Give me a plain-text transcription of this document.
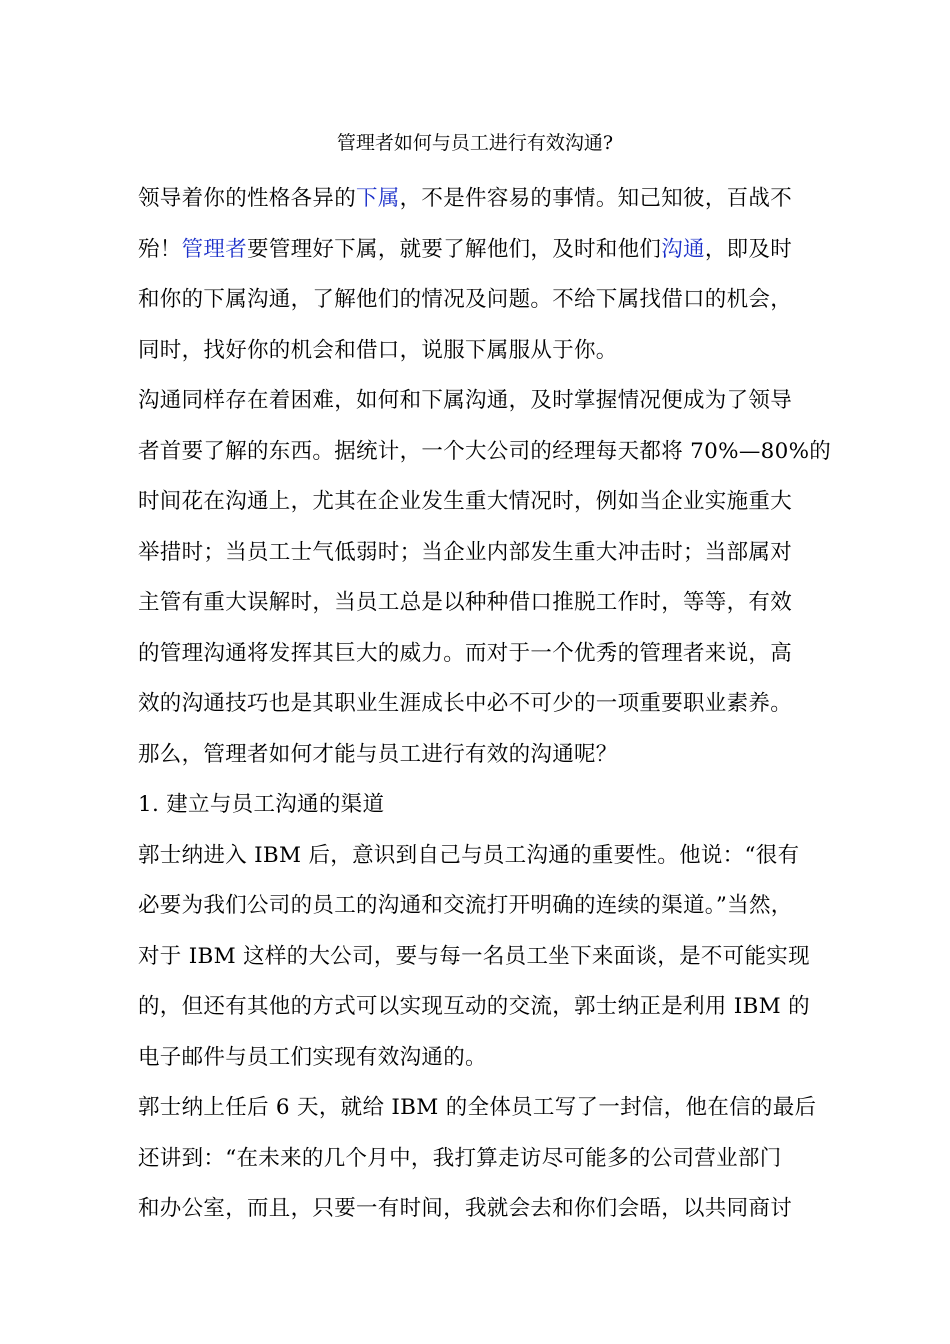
管理者如何与员工进行有效沟通?

领导着你的性格各异的下属，不是件容易的事情。知己知彼，百战不
殆！管理者要管理好下属，就要了解他们，及时和他们沟通，即及时
和你的下属沟通，了解他们的情况及问题。不给下属找借口的机会，
同时，找好你的机会和借口，说服下属服从于你。

沟通同样存在着困难，如何和下属沟通，及时掌握情况便成为了领导
者首要了解的东西。据统计，一个大公司的经理每天都将 70%—80%的
时间花在沟通上，尤其在企业发生重大情况时，例如当企业实施重大
举措时；当员工士气低弱时；当企业内部发生重大冲击时；当部属对
主管有重大误解时，当员工总是以种种借口推脱工作时，等等，有效
的管理沟通将发挥其巨大的威力。而对于一个优秀的管理者来说，高
效的沟通技巧也是其职业生涯成长中必不可少的一项重要职业素养。

那么，管理者如何才能与员工进行有效的沟通呢？

1. 建立与员工沟通的渠道

郭士纳进入 IBM 后，意识到自己与员工沟通的重要性。他说：“很有
必要为我们公司的员工的沟通和交流打开明确的连续的渠道。”当然，
对于 IBM 这样的大公司，要与每一名员工坐下来面谈，是不可能实现
的，但还有其他的方式可以实现互动的交流，郭士纳正是利用 IBM 的
电子邮件与员工们实现有效沟通的。

郭士纳上任后 6 天，就给 IBM 的全体员工写了一封信，他在信的最后
还讲到：“在未来的几个月中，我打算走访尽可能多的公司营业部门
和办公室，而且，只要一有时间，我就会去和你们会晤，以共同商讨
